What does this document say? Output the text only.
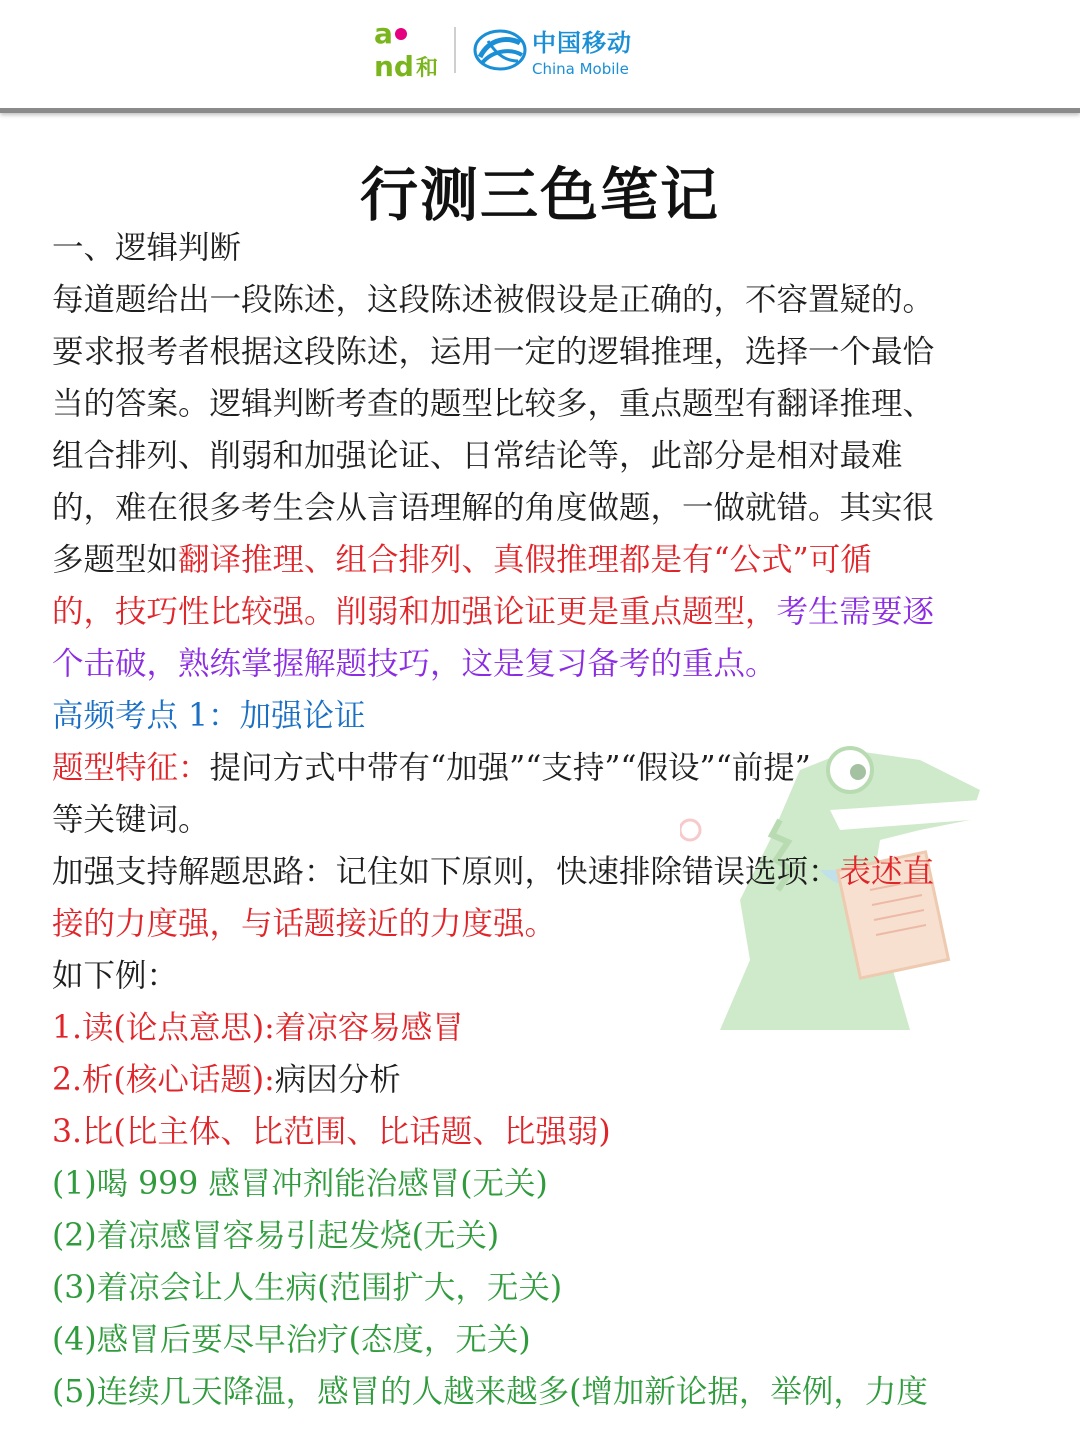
a
nd 和
中国移动
China Mobile
行测三色笔记
一、逻辑判断
每道题给出一段陈述，这段陈述被假设是正确的，不容置疑的。
要求报考者根据这段陈述，运用一定的逻辑推理，选择一个最恰
当的答案。逻辑判断考查的题型比较多，重点题型有翻译推理、
组合排列、削弱和加强论证、日常结论等，此部分是相对最难
的，难在很多考生会从言语理解的角度做题，一做就错。其实很
多题型如翻译推理、组合排列、真假推理都是有“公式”可循
的，技巧性比较强。削弱和加强论证更是重点题型，考生需要逐
个击破，熟练掌握解题技巧，这是复习备考的重点。
高频考点 1：加强论证
题型特征：提问方式中带有“加强”“支持”“假设”“前提”
等关键词。
加强支持解题思路：记住如下原则，快速排除错误选项：表述直
接的力度强，与话题接近的力度强。
如下例：
1.读(论点意思):着凉容易感冒
2.析(核心话题):病因分析
3.比(比主体、比范围、比话题、比强弱)
(1)喝 999 感冒冲剂能治感冒(无关)
(2)着凉感冒容易引起发烧(无关)
(3)着凉会让人生病(范围扩大，无关)
(4)感冒后要尽早治疗(态度，无关)
(5)连续几天降温，感冒的人越来越多(增加新论据，举例，力度
